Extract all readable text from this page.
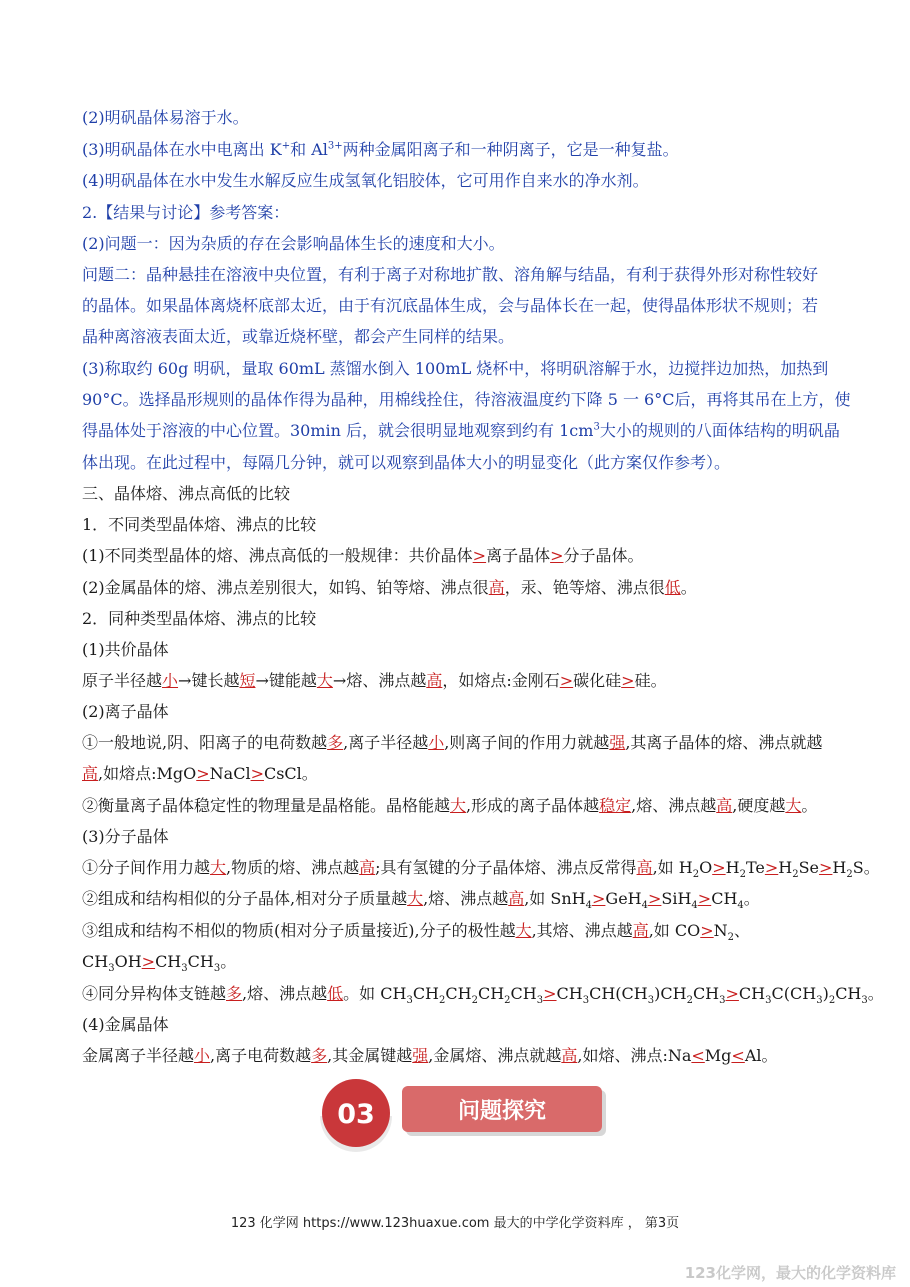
(2)明矾晶体易溶于水。
(3)明矾晶体在水中电离出 K+和 $Al^{3+}$两种金属阳离子和一种阴离子，它是一种复盐。
(4)明矾晶体在水中发生水解反应生成氢氧化铝胶体，它可用作自来水的净水剂。
2.【结果与讨论】参考答案：
(2)问题一：因为杂质的存在会影响晶体生长的速度和大小。
问题二：晶种悬挂在溶液中央位置，有利于离子对称地扩散、溶角解与结晶，有利于获得外形对称性较好
的晶体。如果晶体离烧杯底部太近，由于有沉底晶体生成，会与晶体长在一起，使得晶体形状不规则；若
晶种离溶液表面太近，或靠近烧杯壁，都会产生同样的结果。
(3)称取约 60g 明矾，量取 60mL 蒸馏水倒入 100mL 烧杯中，将明矾溶解于水，边搅拌边加热，加热到
90°C。选择晶形规则的晶体作得为晶种，用棉线拴住，待溶液温度约下降 5 一 6°C后，再将其吊在上方，使
得晶体处于溶液的中心位置。30min 后，就会很明显地观察到约有 $1cm^3$大小的规则的八面体结构的明矾晶
体出现。在此过程中，每隔几分钟，就可以观察到晶体大小的明显变化（此方案仅作参考）。
三、晶体熔、沸点高低的比较
1．不同类型晶体熔、沸点的比较
(1)不同类型晶体的熔、沸点高低的一般规律：共价晶体>离子晶体>分子晶体。
(2)金属晶体的熔、沸点差别很大，如钨、铂等熔、沸点很高，汞、铯等熔、沸点很低。
2．同种类型晶体熔、沸点的比较
(1)共价晶体
原子半径越小→键长越短→键能越大→熔、沸点越高，如熔点:金刚石>碳化硅>硅。
(2)离子晶体
①一般地说,阴、阳离子的电荷数越多,离子半径越小,则离子间的作用力就越强,其离子晶体的熔、沸点就越
高,如熔点:MgO>NaCl>CsCl。
②衡量离子晶体稳定性的物理量是晶格能。晶格能越大,形成的离子晶体越稳定,熔、沸点越高,硬度越大。
(3)分子晶体
①分子间作用力越大,物质的熔、沸点越高;具有氢键的分子晶体熔、沸点反常得高,如 $H_2O>H_2Te>H_2Se>H_2S$。
②组成和结构相似的分子晶体,相对分子质量越大,熔、沸点越高,如 $SnH_4>GeH_4>SiH_4>CH_4$。
③组成和结构不相似的物质(相对分子质量接近),分子的极性越大,其熔、沸点越高,如 $CO>N_2$、
$CH_3OH>CH_3CH_3$。
④同分异构体支链越多,熔、沸点越低。如 $CH_3CH_2CH_2CH_2CH_3>CH_3CH(CH_3)CH_2CH_3>CH_3C(CH_3)_2CH_3$。
(4)金属晶体
金属离子半径越小,离子电荷数越多,其金属键越强,金属熔、沸点就越高,如熔、沸点:Na<Mg<Al。
03	问题探究
123 化学网 https://www.123huaxue.com 最大的中学化学资料库 ， 第3页
123化学网，最大的化学资料库
